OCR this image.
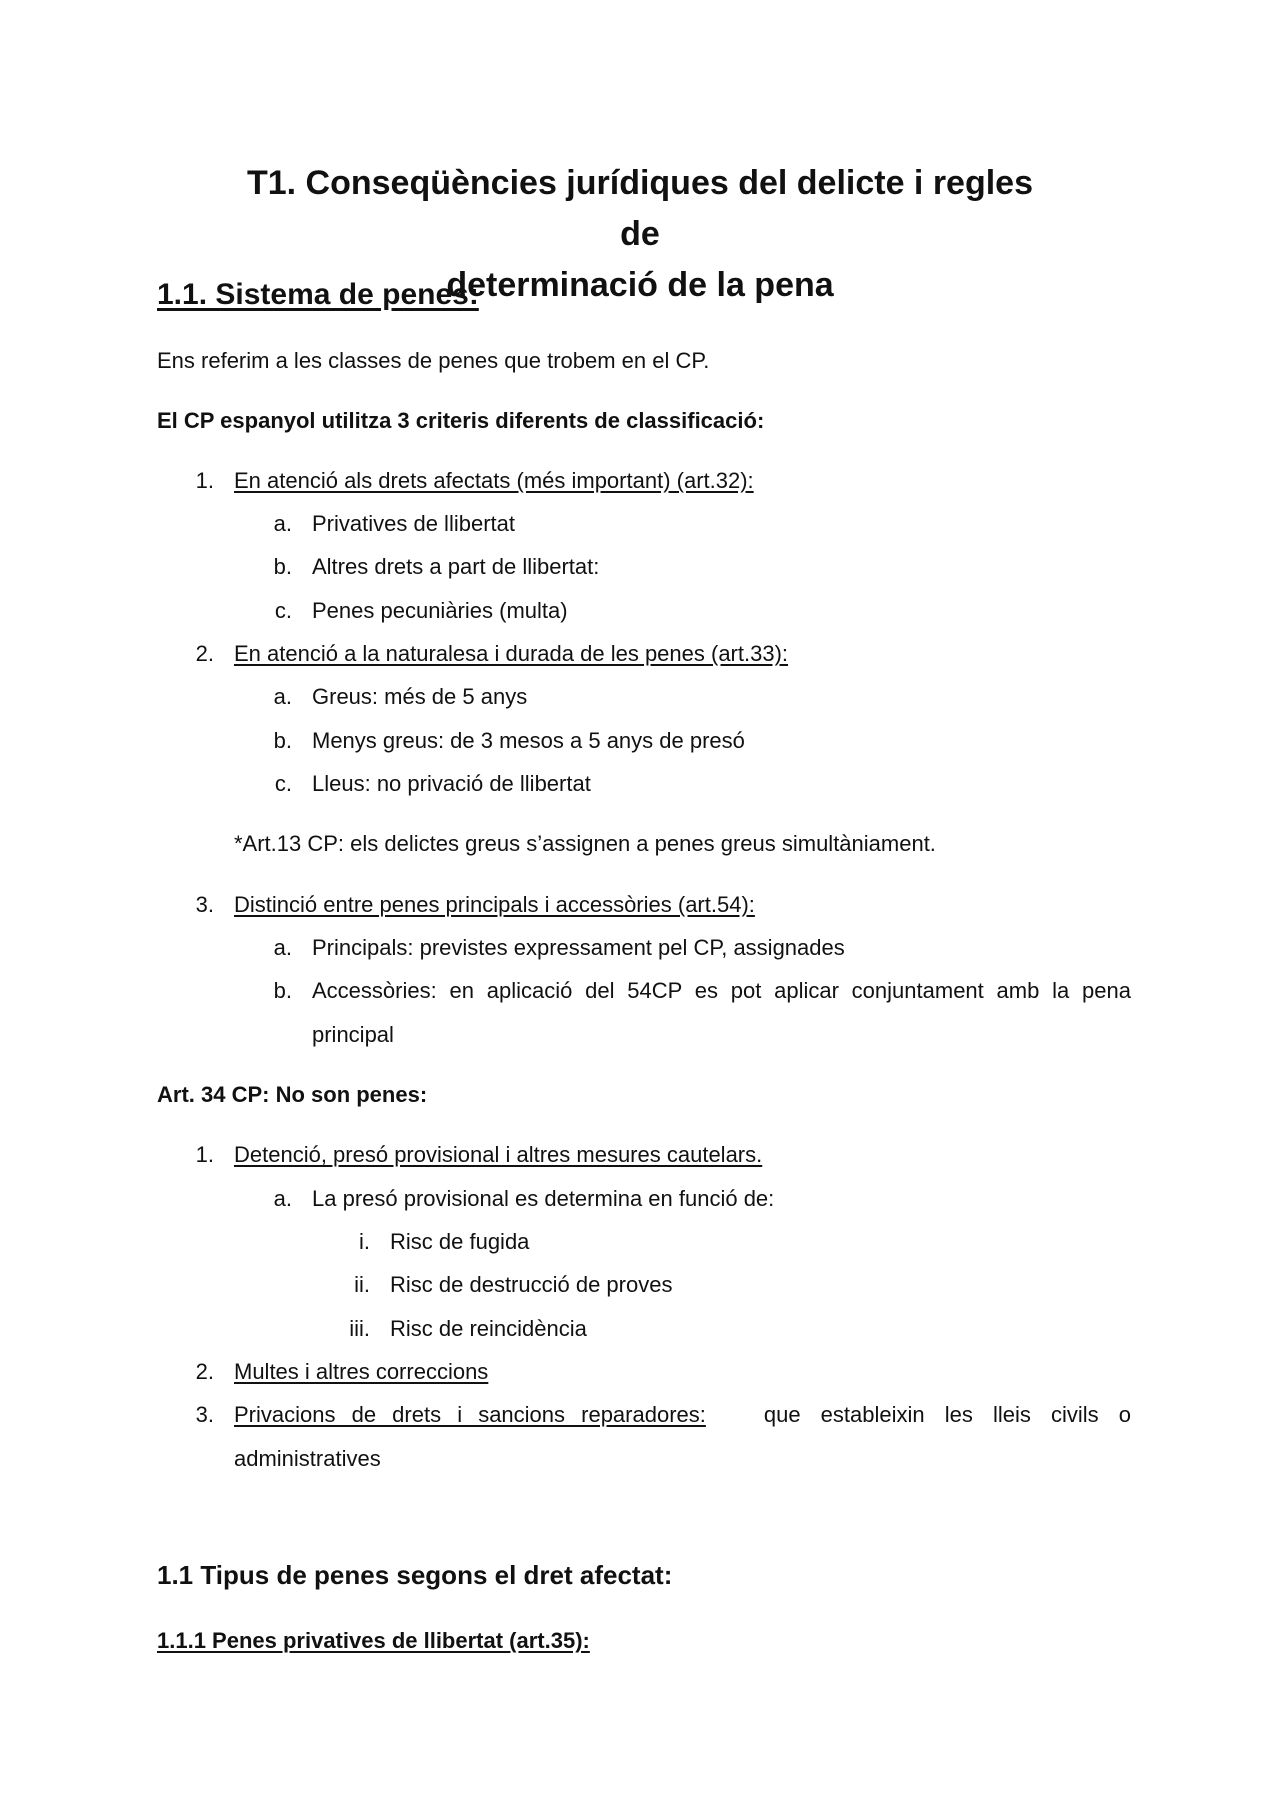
T1. Conseqüències jurídiques del delicte i regles de
determinació de la pena
1.1. Sistema de penes:
Ens referim a les classes de penes que trobem en el CP.
El CP espanyol utilitza 3 criteris diferents de classificació:
1. En atenció als drets afectats (més important) (art.32):
a. Privatives de llibertat
b. Altres drets a part de llibertat:
c. Penes pecuniàries (multa)
2. En atenció a la naturalesa i durada de les penes (art.33):
a. Greus: més de 5 anys
b. Menys greus: de 3 mesos a 5 anys de presó
c. Lleus: no privació de llibertat
*Art.13 CP: els delictes greus s’assignen a penes greus simultàniament.
3. Distinció entre penes principals i accessòries (art.54):
a. Principals: previstes expressament pel CP, assignades
b. Accessòries: en aplicació del 54CP es pot aplicar conjuntament amb la pena
principal
Art. 34 CP: No son penes:
1. Detenció, presó provisional i altres mesures cautelars.
a. La presó provisional es determina en funció de:
i. Risc de fugida
ii. Risc de destrucció de proves
iii. Risc de reincidència
2. Multes i altres correccions
3. Privacions de drets i sancions reparadores:	que estableixin les lleis civils o
administratives
1.1 Tipus de penes segons el dret afectat:
1.1.1 Penes privatives de llibertat (art.35):
